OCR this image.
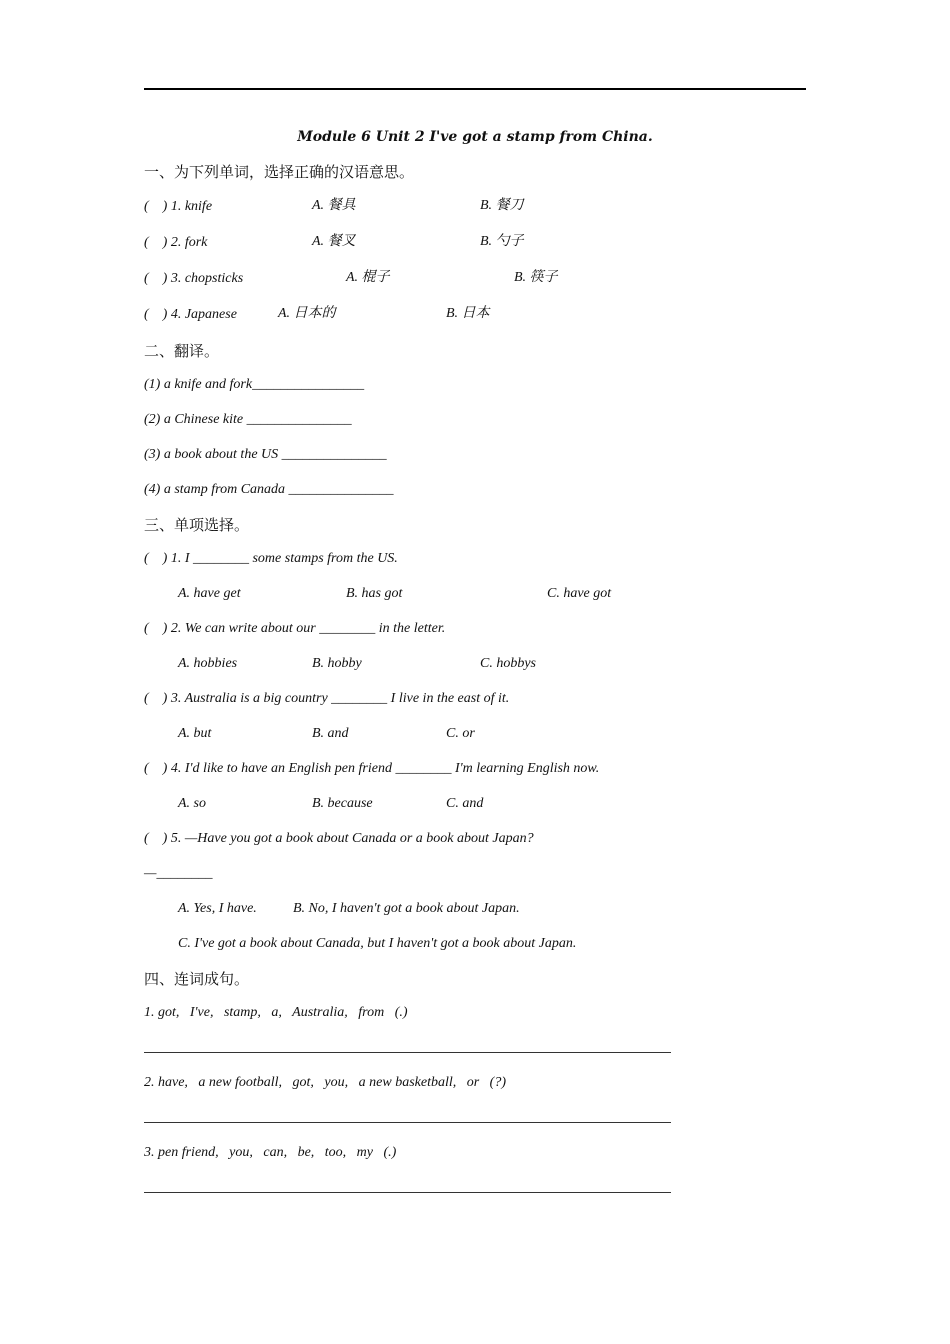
Module 6 Unit 2 I've got a stamp from China.
一、为下列单词，选择正确的汉语意思。
(    ) 1. knife	A. 餐具	B. 餐刀
(    ) 2. fork	A. 餐叉	B. 勺子
(    ) 3. chopsticks	A. 棍子	B. 筷子
(    ) 4. Japanese	A. 日本的	B. 日本
二、翻译。
(1) a knife and fork________________
(2) a Chinese kite _______________
(3) a book about the US _______________
(4) a stamp from Canada _______________
三、单项选择。
(    ) 1. I ________ some stamps from the US.
A. have get	B. has got	C. have got
(    ) 2. We can write about our ________ in the letter.
A. hobbies	B. hobby	C. hobbys
(    ) 3. Australia is a big country ________ I live in the east of it.
A. but	B. and	C. or
(    ) 4. I'd like to have an English pen friend ________ I'm learning English now.
A. so	B. because	C. and
(    ) 5. —Have you got a book about Canada or a book about Japan?
—________
A. Yes, I have.	B. No, I haven't got a book about Japan.
C. I've got a book about Canada, but I haven't got a book about Japan.
四、连词成句。
1. got,   I've,   stamp,   a,   Australia,   from   (.)
2. have,   a new football,   got,   you,   a new basketball,   or   (?)
3. pen friend,   you,   can,   be,   too,   my   (.)
